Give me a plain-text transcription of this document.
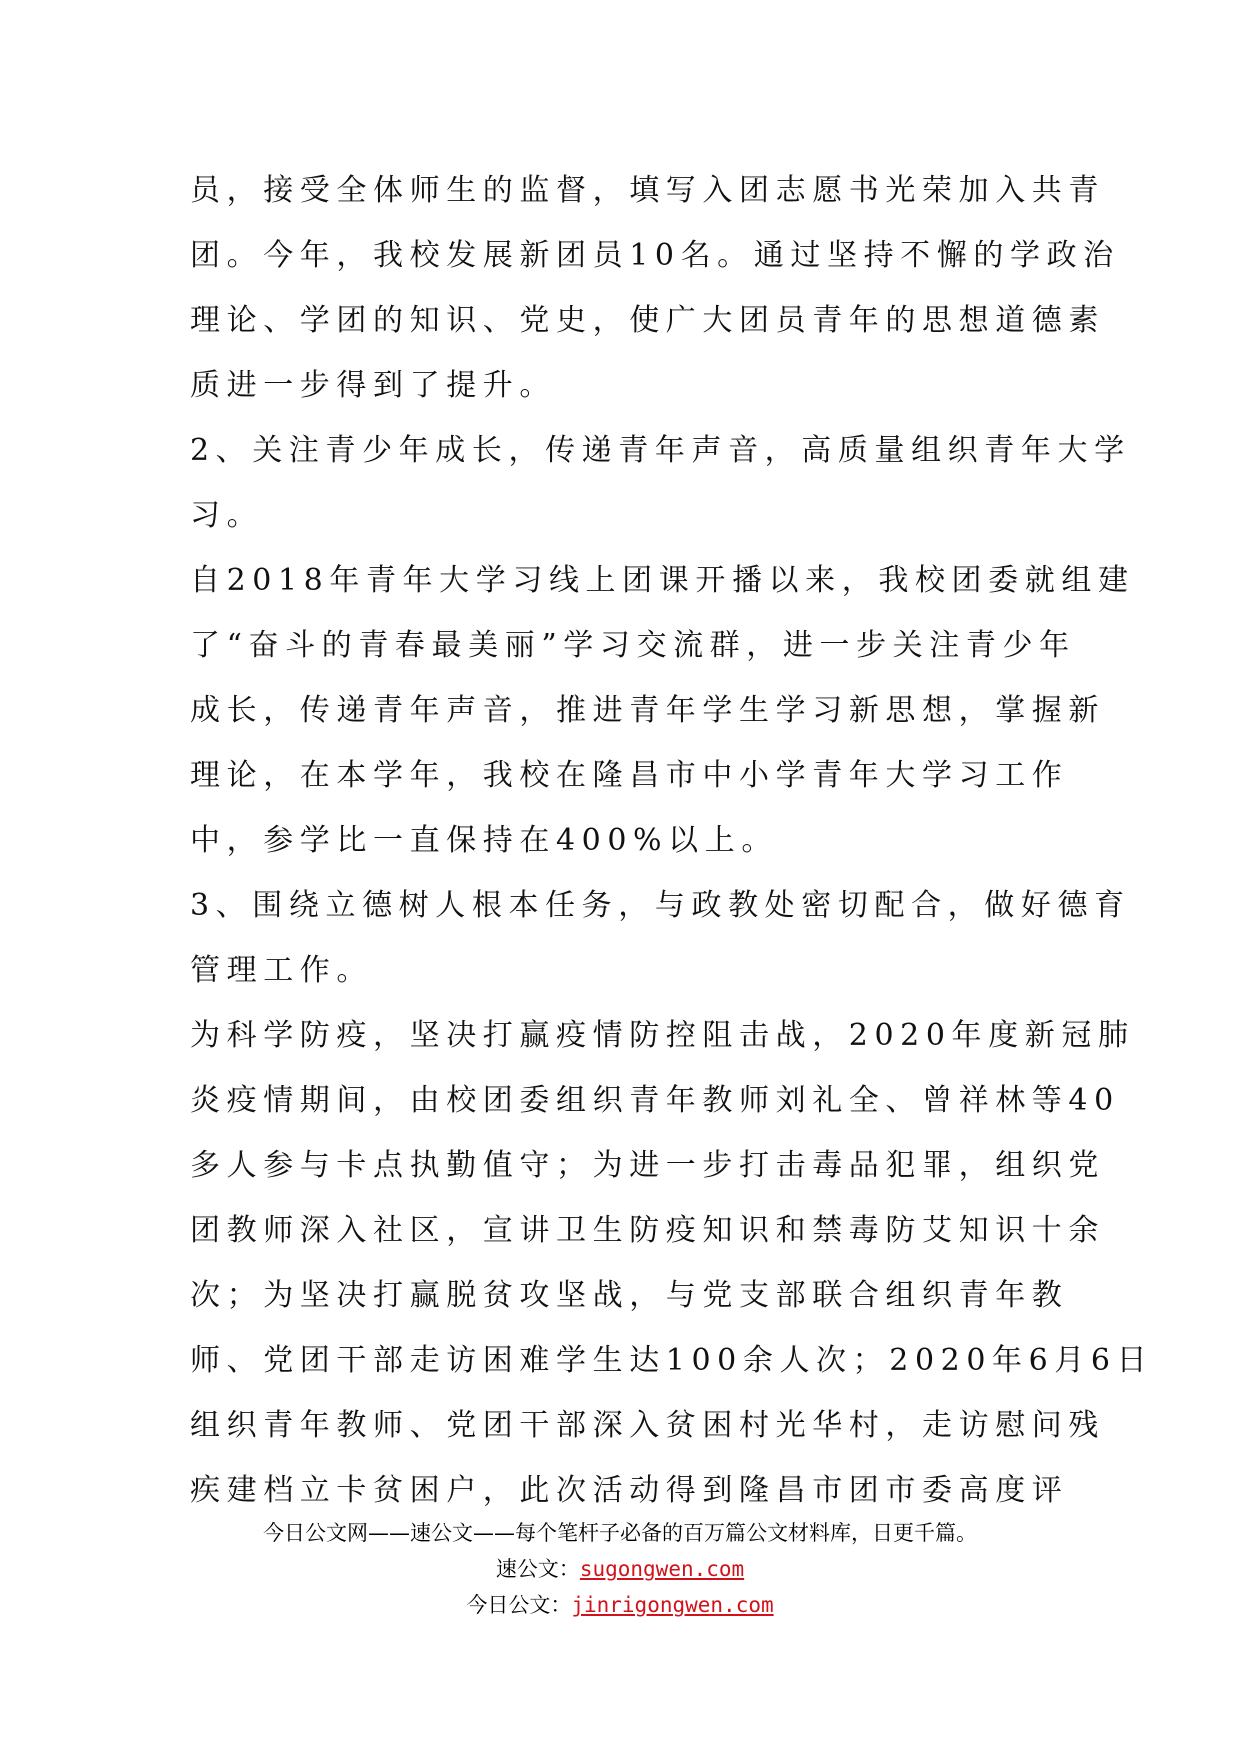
员，接受全体师生的监督，填写入团志愿书光荣加入共青
团。今年，我校发展新团员10名。通过坚持不懈的学政治
理论、学团的知识、党史，使广大团员青年的思想道德素
质进一步得到了提升。
2、关注青少年成长，传递青年声音，高质量组织青年大学
习。
自2018年青年大学习线上团课开播以来，我校团委就组建
了“奋斗的青春最美丽”学习交流群，进一步关注青少年
成长，传递青年声音，推进青年学生学习新思想，掌握新
理论，在本学年，我校在隆昌市中小学青年大学习工作
中，参学比一直保持在400%以上。
3、围绕立德树人根本任务，与政教处密切配合，做好德育
管理工作。
为科学防疫，坚决打赢疫情防控阻击战，2020年度新冠肺
炎疫情期间，由校团委组织青年教师刘礼全、曾祥林等40
多人参与卡点执勤值守；为进一步打击毒品犯罪，组织党
团教师深入社区，宣讲卫生防疫知识和禁毒防艾知识十余
次；为坚决打赢脱贫攻坚战，与党支部联合组织青年教
师、党团干部走访困难学生达100余人次；2020年6月6日
组织青年教师、党团干部深入贫困村光华村，走访慰问残
疾建档立卡贫困户，此次活动得到隆昌市团市委高度评
今日公文网——速公文——每个笔杆子必备的百万篇公文材料库，日更千篇。
速公文：sugongwen.com
今日公文：jinrigongwen.com
